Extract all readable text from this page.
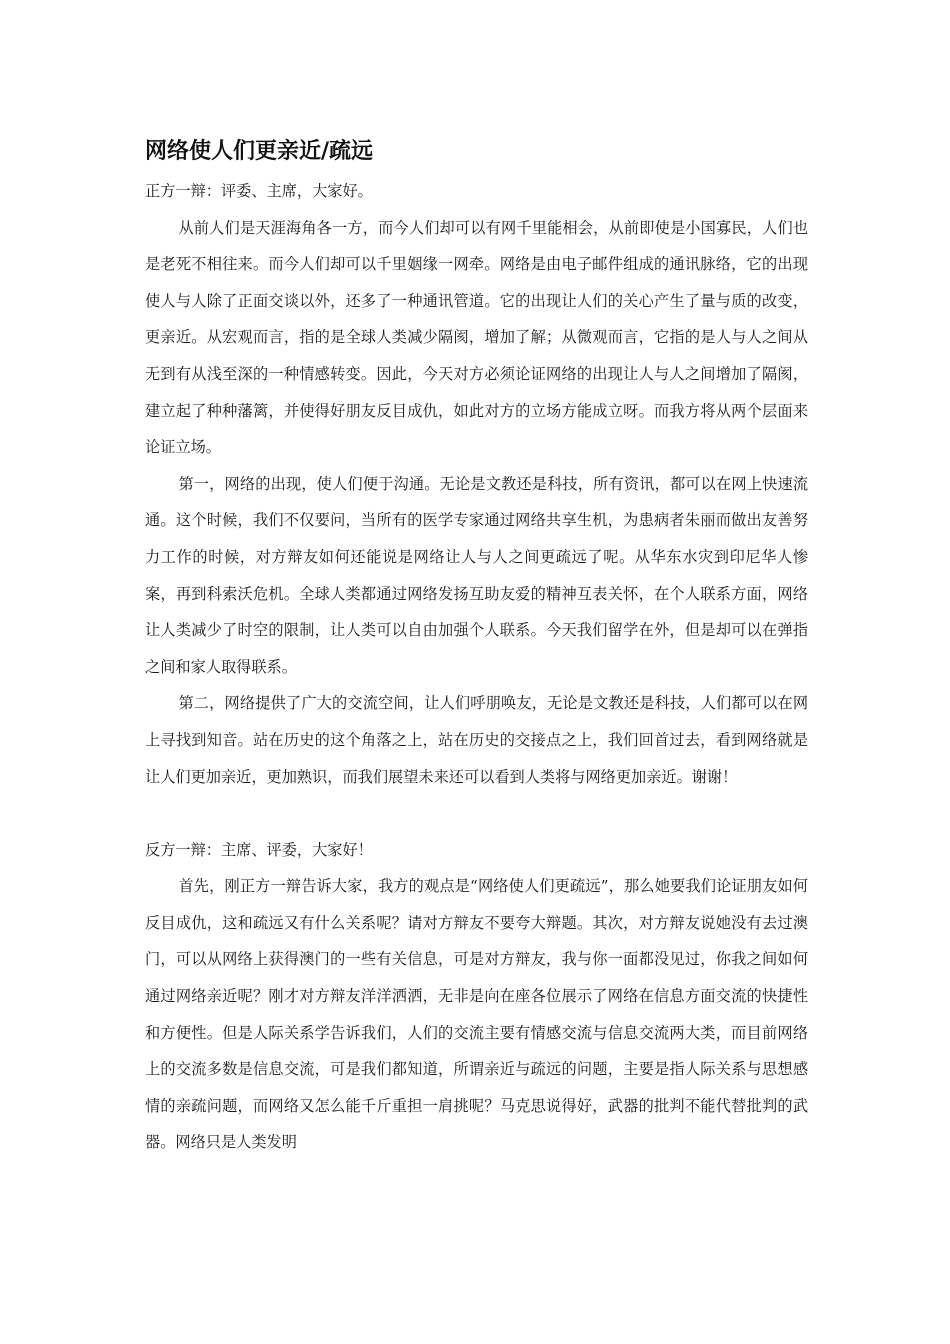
网络使人们更亲近/疏远

正方一辩：评委、主席，大家好。

从前人们是天涯海角各一方，而今人们却可以有网千里能相会，从前即使是小国寡民，人们也是老死不相往来。而今人们却可以千里姻缘一网牵。网络是由电子邮件组成的通讯脉络，它的出现使人与人除了正面交谈以外，还多了一种通讯管道。它的出现让人们的关心产生了量与质的改变，更亲近。从宏观而言，指的是全球人类减少隔阂，增加了解；从微观而言，它指的是人与人之间从无到有从浅至深的一种情感转变。因此，今天对方必须论证网络的出现让人与人之间增加了隔阂，建立起了种种藩篱，并使得好朋友反目成仇，如此对方的立场方能成立呀。而我方将从两个层面来论证立场。

第一，网络的出现，使人们便于沟通。无论是文教还是科技，所有资讯，都可以在网上快速流通。这个时候，我们不仅要问，当所有的医学专家通过网络共享生机，为患病者朱丽而做出友善努力工作的时候，对方辩友如何还能说是网络让人与人之间更疏远了呢。从华东水灾到印尼华人惨案，再到科索沃危机。全球人类都通过网络发扬互助友爱的精神互表关怀，在个人联系方面，网络让人类减少了时空的限制，让人类可以自由加强个人联系。今天我们留学在外，但是却可以在弹指之间和家人取得联系。

第二，网络提供了广大的交流空间，让人们呼朋唤友，无论是文教还是科技，人们都可以在网上寻找到知音。站在历史的这个角落之上，站在历史的交接点之上，我们回首过去，看到网络就是让人们更加亲近，更加熟识，而我们展望未来还可以看到人类将与网络更加亲近。谢谢！

反方一辩：主席、评委，大家好！

首先，刚正方一辩告诉大家，我方的观点是“网络使人们更疏远”，那么她要我们论证朋友如何反目成仇，这和疏远又有什么关系呢？请对方辩友不要夸大辩题。其次，对方辩友说她没有去过澳门，可以从网络上获得澳门的一些有关信息，可是对方辩友，我与你一面都没见过，你我之间如何通过网络亲近呢？刚才对方辩友洋洋洒洒，无非是向在座各位展示了网络在信息方面交流的快捷性和方便性。但是人际关系学告诉我们，人们的交流主要有情感交流与信息交流两大类，而目前网络上的交流多数是信息交流，可是我们都知道，所谓亲近与疏远的问题，主要是指人际关系与思想感情的亲疏问题，而网络又怎么能千斤重担一肩挑呢？马克思说得好，武器的批判不能代替批判的武器。网络只是人类发明
